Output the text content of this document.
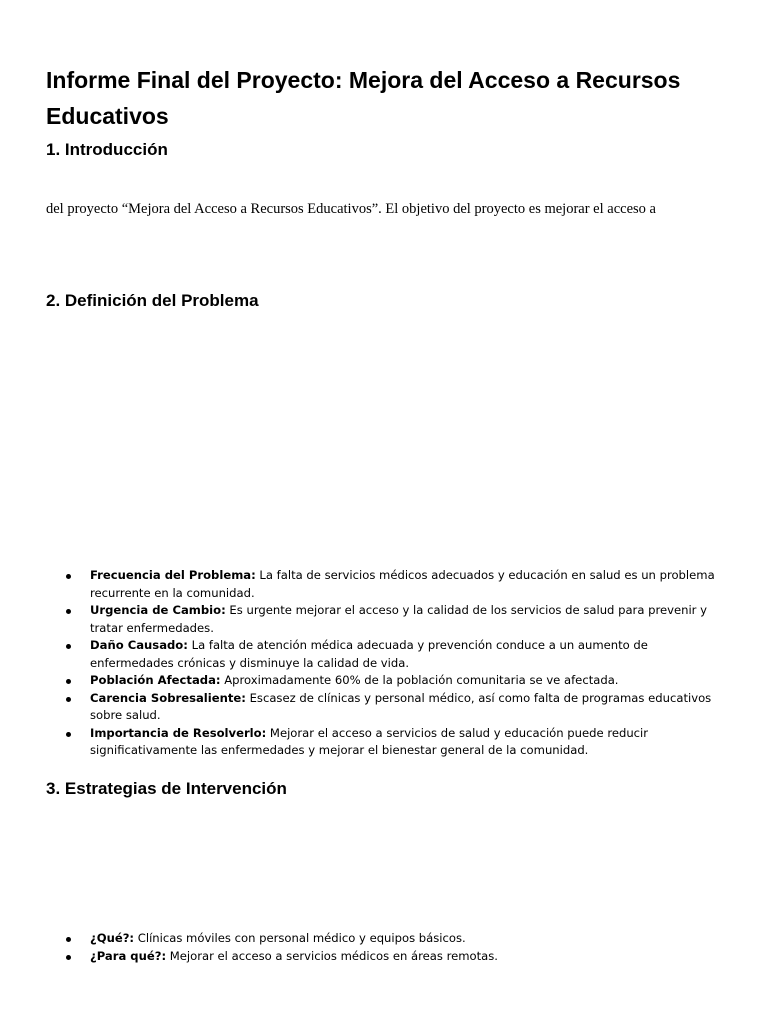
Informe Final del Proyecto: Mejora del Acceso a Recursos Educativos
1. Introducción

del proyecto “Mejora del Acceso a Recursos Educativos”. El objetivo del proyecto es mejorar el acceso a

2. Definición del Problema
Frecuencia del Problema: La falta de servicios médicos adecuados y educación en salud es un problema recurrente en la comunidad.
Urgencia de Cambio: Es urgente mejorar el acceso y la calidad de los servicios de salud para prevenir y tratar enfermedades.
Daño Causado: La falta de atención médica adecuada y prevención conduce a un aumento de enfermedades crónicas y disminuye la calidad de vida.
Población Afectada: Aproximadamente 60% de la población comunitaria se ve afectada.
Carencia Sobresaliente: Escasez de clínicas y personal médico, así como falta de programas educativos sobre salud.
Importancia de Resolverlo: Mejorar el acceso a servicios de salud y educación puede reducir significativamente las enfermedades y mejorar el bienestar general de la comunidad.
3. Estrategias de Intervención
¿Qué?: Clínicas móviles con personal médico y equipos básicos.
¿Para qué?: Mejorar el acceso a servicios médicos en áreas remotas.
